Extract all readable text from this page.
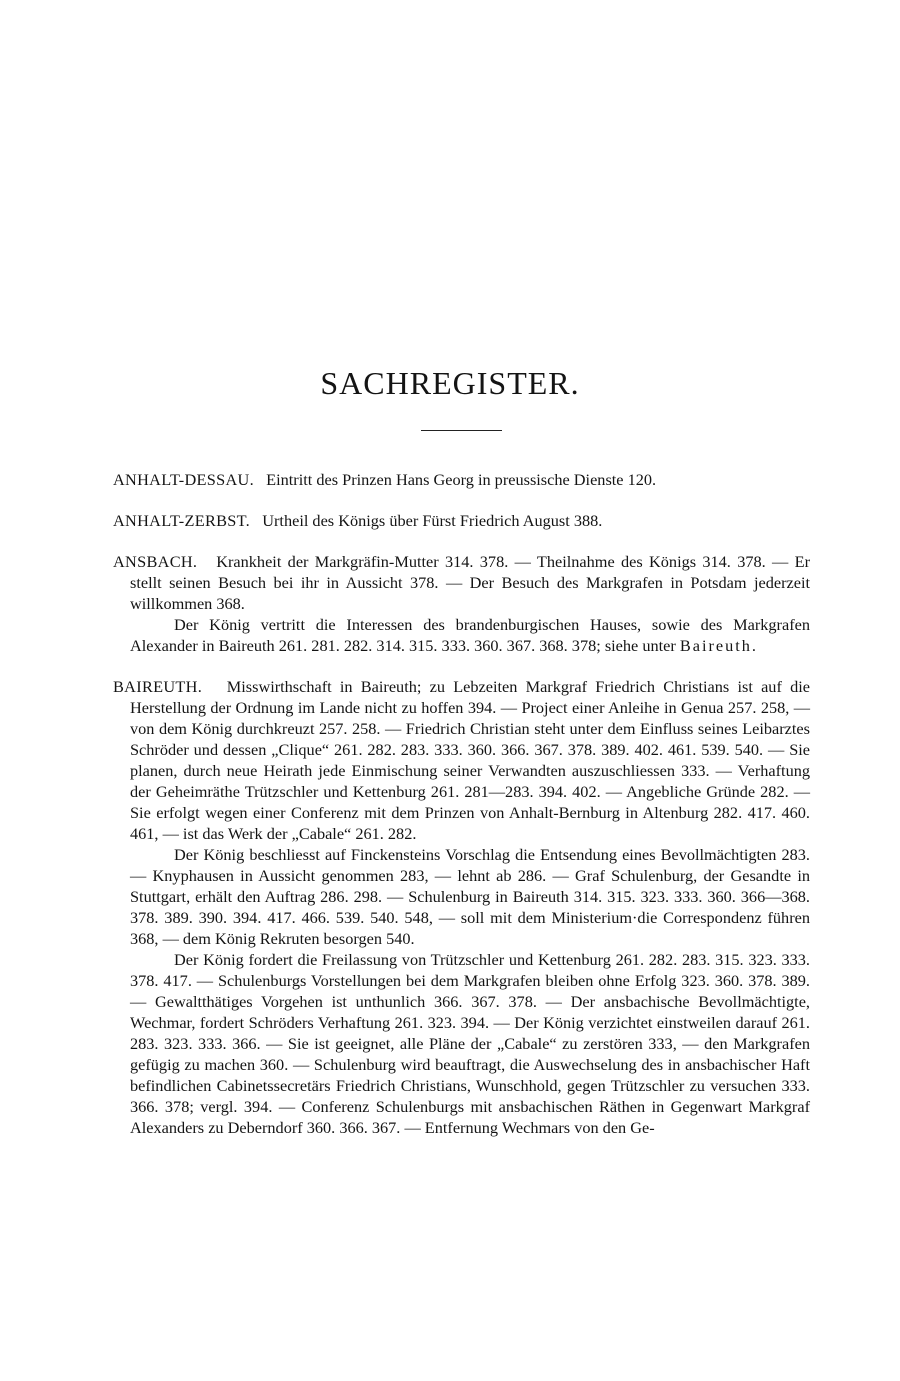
SACHREGISTER.

ANHALT-DESSAU. Eintritt des Prinzen Hans Georg in preussische Dienste 120.

ANHALT-ZERBST. Urtheil des Königs über Fürst Friedrich August 388.

ANSBACH. Krankheit der Markgräfin-Mutter 314. 378. — Theilnahme des Königs 314. 378. — Er stellt seinen Besuch bei ihr in Aussicht 378. — Der Besuch des Markgrafen in Potsdam jederzeit willkommen 368.
Der König vertritt die Interessen des brandenburgischen Hauses, sowie des Markgrafen Alexander in Baireuth 261. 281. 282. 314. 315. 333. 360. 367. 368. 378; siehe unter Baireuth.

BAIREUTH. Misswirthschaft in Baireuth; zu Lebzeiten Markgraf Friedrich Christians ist auf die Herstellung der Ordnung im Lande nicht zu hoffen 394. — Project einer Anleihe in Genua 257. 258, — von dem König durchkreuzt 257. 258. — Friedrich Christian steht unter dem Einfluss seines Leibarztes Schröder und dessen „Clique“ 261. 282. 283. 333. 360. 366. 367. 378. 389. 402. 461. 539. 540. — Sie planen, durch neue Heirath jede Einmischung seiner Verwandten auszuschliessen 333. — Verhaftung der Geheimräthe Trützschler und Kettenburg 261. 281—283. 394. 402. — Angebliche Gründe 282. — Sie erfolgt wegen einer Conferenz mit dem Prinzen von Anhalt-Bernburg in Altenburg 282. 417. 460. 461, — ist das Werk der „Cabale“ 261. 282.
Der König beschliesst auf Finckensteins Vorschlag die Entsendung eines Bevollmächtigten 283. — Knyphausen in Aussicht genommen 283, — lehnt ab 286. — Graf Schulenburg, der Gesandte in Stuttgart, erhält den Auftrag 286. 298. — Schulenburg in Baireuth 314. 315. 323. 333. 360. 366—368. 378. 389. 390. 394. 417. 466. 539. 540. 548, — soll mit dem Ministerium·die Correspondenz führen 368, — dem König Rekruten besorgen 540.
Der König fordert die Freilassung von Trützschler und Kettenburg 261. 282. 283. 315. 323. 333. 378. 417. — Schulenburgs Vorstellungen bei dem Markgrafen bleiben ohne Erfolg 323. 360. 378. 389. — Gewaltthätiges Vorgehen ist unthunlich 366. 367. 378. — Der ansbachische Bevollmächtigte, Wechmar, fordert Schröders Verhaftung 261. 323. 394. — Der König verzichtet einstweilen darauf 261. 283. 323. 333. 366. — Sie ist geeignet, alle Pläne der „Cabale“ zu zerstören 333, — den Markgrafen gefügig zu machen 360. — Schulenburg wird beauftragt, die Auswechselung des in ansbachischer Haft befindlichen Cabinetssecretärs Friedrich Christians, Wunschhold, gegen Trützschler zu versuchen 333. 366. 378; vergl. 394. — Conferenz Schulenburgs mit ansbachischen Räthen in Gegenwart Markgraf Alexanders zu Deberndorf 360. 366. 367. — Entfernung Wechmars von den Ge-
